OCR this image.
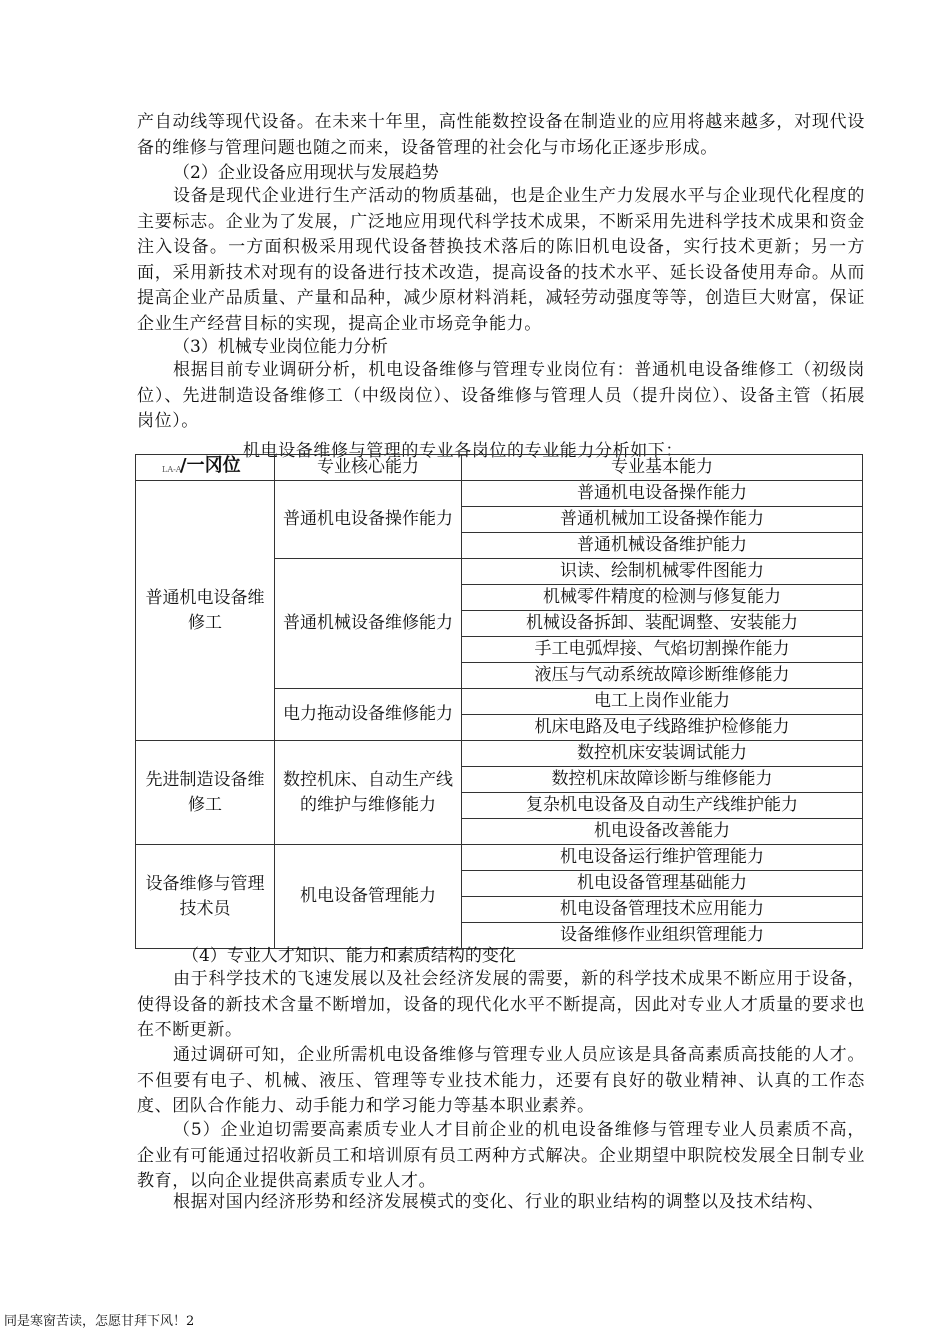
产自动线等现代设备。在未来十年里，高性能数控设备在制造业的应用将越来越多，对现代设备的维修与管理问题也随之而来，设备管理的社会化与市场化正逐步形成。

（2）企业设备应用现状与发展趋势

设备是现代企业进行生产活动的物质基础，也是企业生产力发展水平与企业现代化程度的主要标志。企业为了发展，广泛地应用现代科学技术成果，不断采用先进科学技术成果和资金注入设备。一方面积极采用现代设备替换技术落后的陈旧机电设备，实行技术更新；另一方面，采用新技术对现有的设备进行技术改造，提高设备的技术水平、延长设备使用寿命。从而提高企业产品质量、产量和品种，减少原材料消耗，减轻劳动强度等等，创造巨大财富，保证企业生产经营目标的实现，提高企业市场竞争能力。

（3）机械专业岗位能力分析

根据目前专业调研分析，机电设备维修与管理专业岗位有：普通机电设备维修工（初级岗位）、先进制造设备维修工（中级岗位）、设备维修与管理人员（提升岗位）、设备主管（拓展岗位）。

机电设备维修与管理的专业各岗位的专业能力分析如下：
LA-A
/一冈位	专业核心能力	专业基本能力
普通机电设备维修工	普通机电设备操作能力	普通机电设备操作能力
		普通机械加工设备操作能力
		普通机械设备维护能力
	普通机械设备维修能力	识读、绘制机械零件图能力
		机械零件精度的检测与修复能力
		机械设备拆卸、装配调整、安装能力
		手工电弧焊接、气焰切割操作能力
		液压与气动系统故障诊断维修能力
	电力拖动设备维修能力	电工上岗作业能力
		机床电路及电子线路维护检修能力
先进制造设备维修工	数控机床、自动生产线的维护与维修能力	数控机床安装调试能力
		数控机床故障诊断与维修能力
		复杂机电设备及自动生产线维护能力
		机电设备改善能力
设备维修与管理技术员	机电设备管理能力	机电设备运行维护管理能力
		机电设备管理基础能力
		机电设备管理技术应用能力
		设备维修作业组织管理能力

（4）专业人才知识、能力和素质结构的变化

由于科学技术的飞速发展以及社会经济发展的需要，新的科学技术成果不断应用于设备，使得设备的新技术含量不断增加，设备的现代化水平不断提高，因此对专业人才质量的要求也在不断更新。

通过调研可知，企业所需机电设备维修与管理专业人员应该是具备高素质高技能的人才。不但要有电子、机械、液压、管理等专业技术能力，还要有良好的敬业精神、认真的工作态度、团队合作能力、动手能力和学习能力等基本职业素养。

（5）企业迫切需要高素质专业人才目前企业的机电设备维修与管理专业人员素质不高，企业有可能通过招收新员工和培训原有员工两种方式解决。企业期望中职院校发展全日制专业教育，以向企业提供高素质专业人才。

根据对国内经济形势和经济发展模式的变化、行业的职业结构的调整以及技术结构、

同是寒窗苦读，怎愿甘拜下风！2
